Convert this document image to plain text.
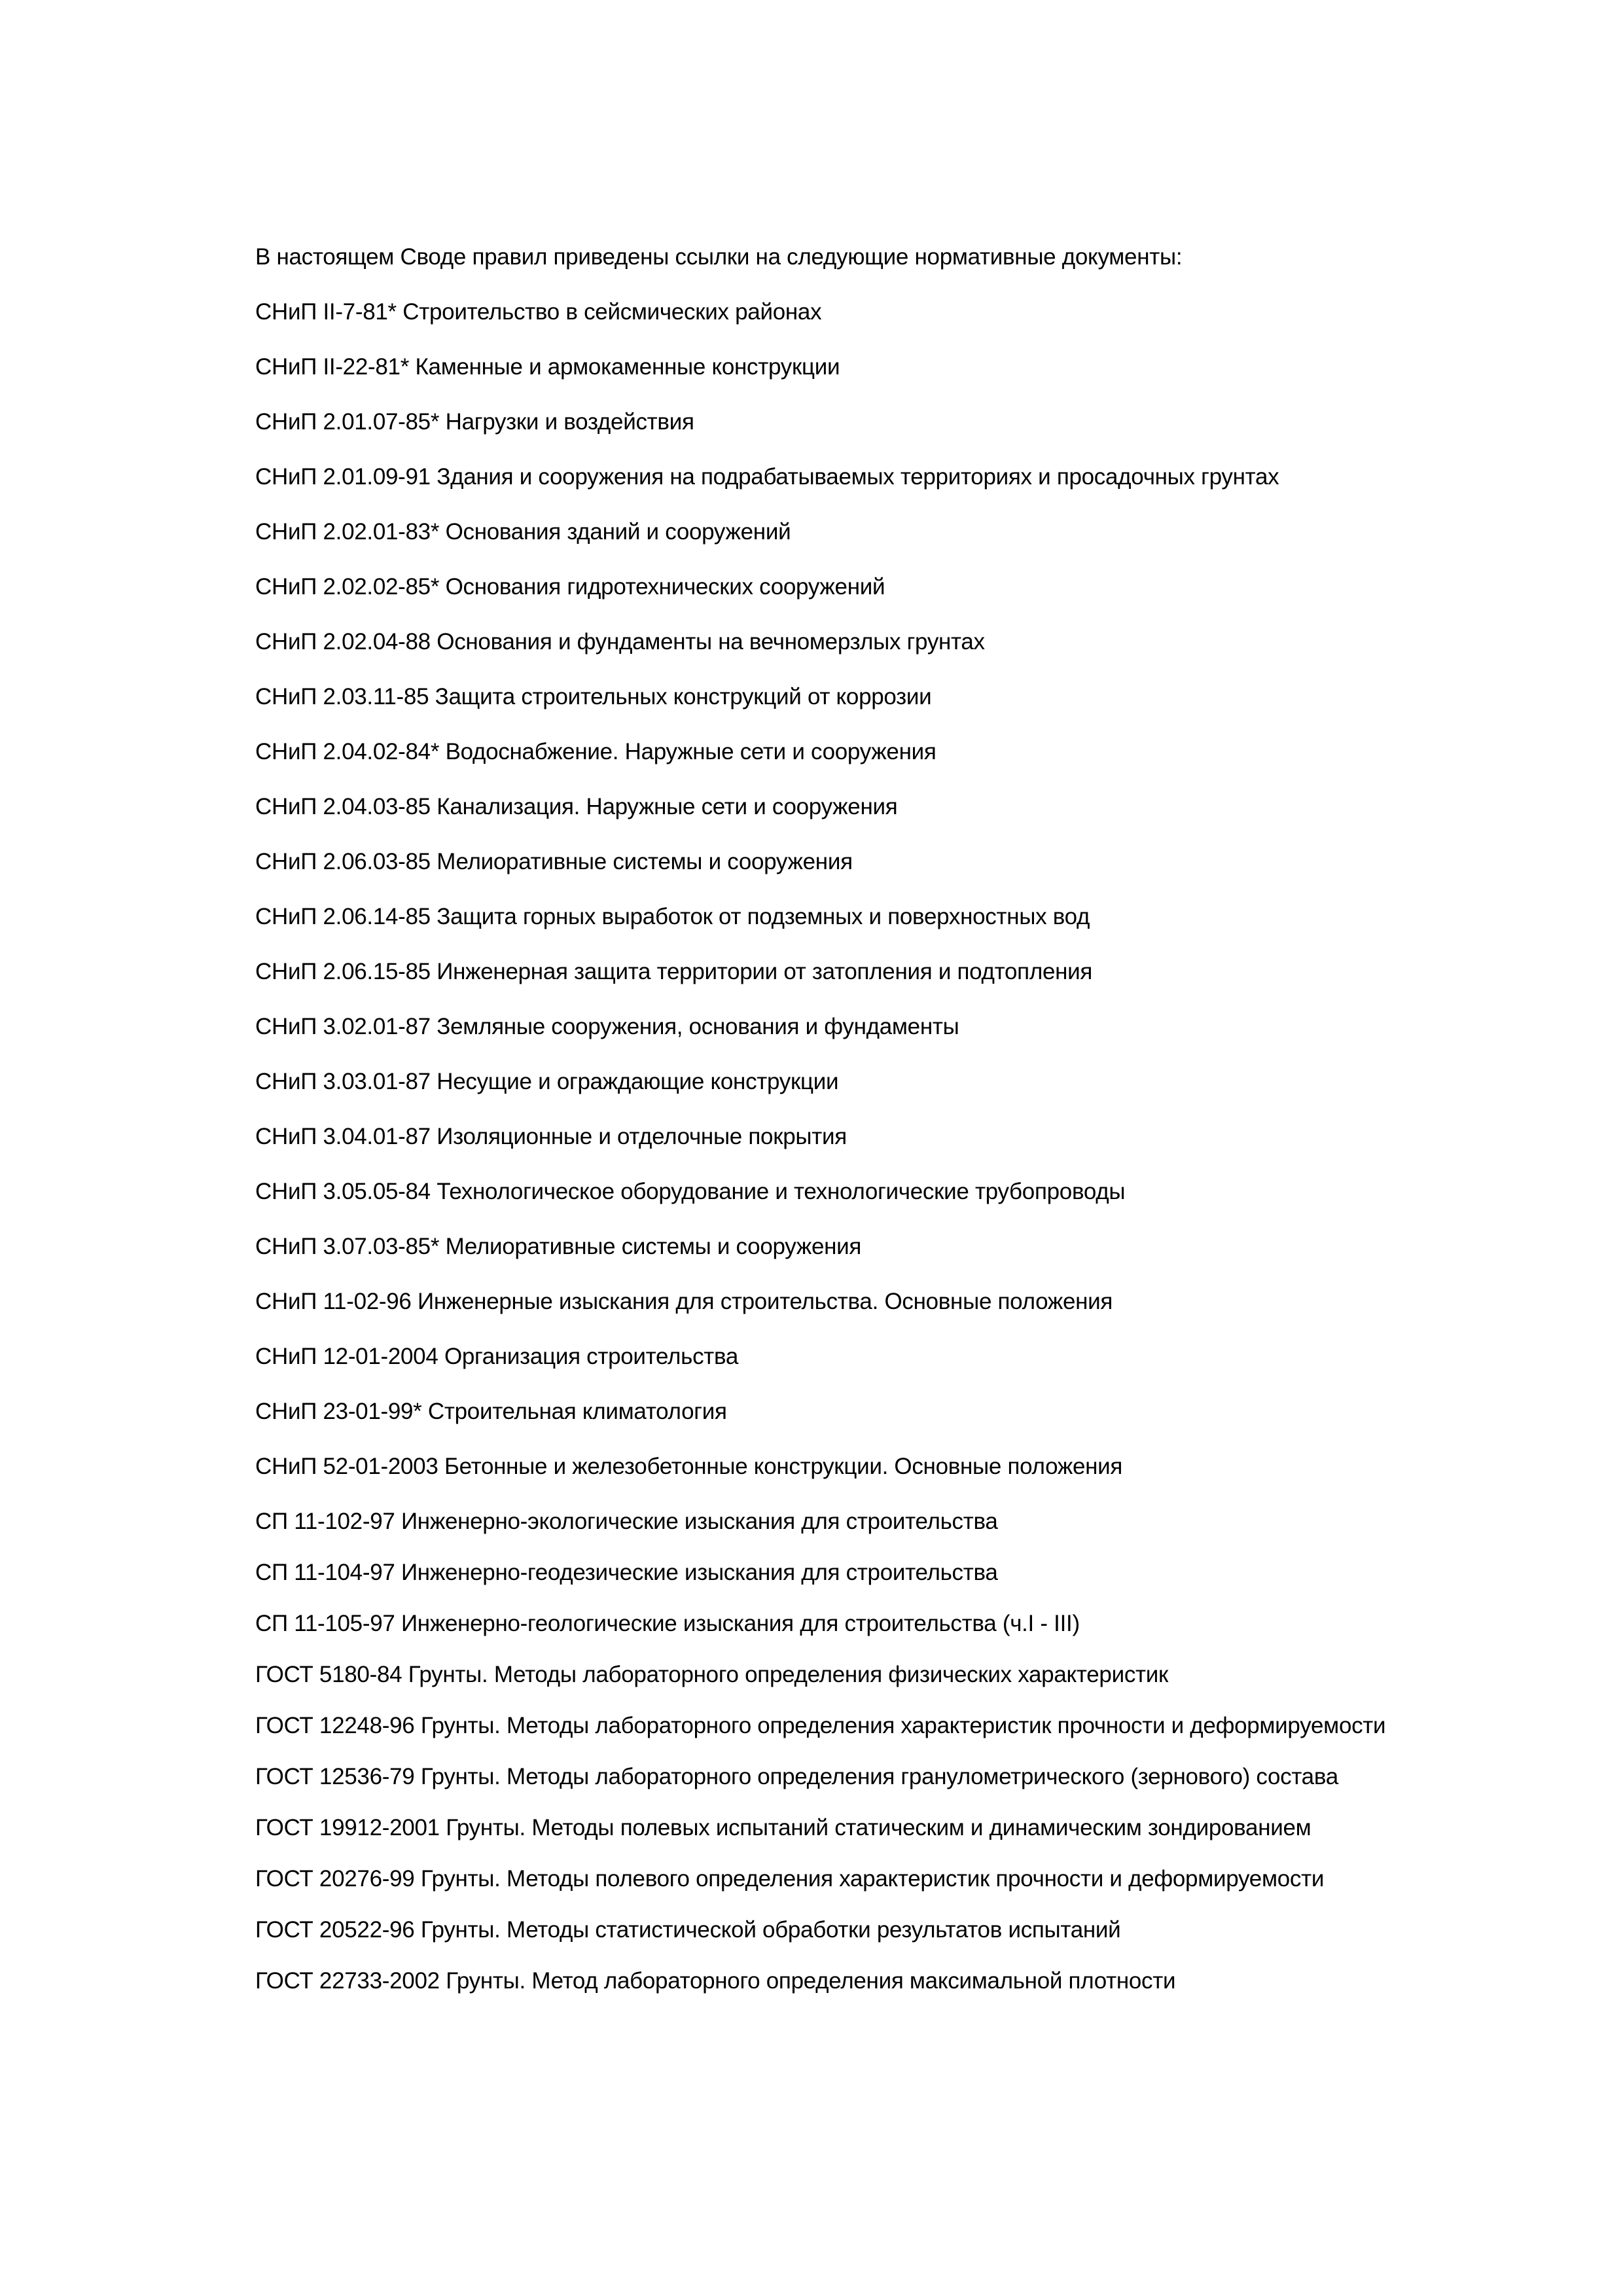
В настоящем Своде правил приведены ссылки на следующие нормативные документы:

СНиП II-7-81* Строительство в сейсмических районах

СНиП II-22-81* Каменные и армокаменные конструкции

СНиП 2.01.07-85* Нагрузки и воздействия

СНиП 2.01.09-91 Здания и сооружения на подрабатываемых территориях и просадочных грунтах

СНиП 2.02.01-83* Основания зданий и сооружений

СНиП 2.02.02-85* Основания гидротехнических сооружений

СНиП 2.02.04-88 Основания и фундаменты на вечномерзлых грунтах

СНиП 2.03.11-85 Защита строительных конструкций от коррозии

СНиП 2.04.02-84* Водоснабжение. Наружные сети и сооружения

СНиП 2.04.03-85 Канализация. Наружные сети и сооружения

СНиП 2.06.03-85 Мелиоративные системы и сооружения

СНиП 2.06.14-85 Защита горных выработок от подземных и поверхностных вод

СНиП 2.06.15-85 Инженерная защита территории от затопления и подтопления

СНиП 3.02.01-87 Земляные сооружения, основания и фундаменты

СНиП 3.03.01-87 Несущие и ограждающие конструкции

СНиП 3.04.01-87 Изоляционные и отделочные покрытия

СНиП 3.05.05-84 Технологическое оборудование и технологические трубопроводы

СНиП 3.07.03-85* Мелиоративные системы и сооружения

СНиП 11-02-96 Инженерные изыскания для строительства. Основные положения

СНиП 12-01-2004 Организация строительства

СНиП 23-01-99* Строительная климатология

СНиП 52-01-2003 Бетонные и железобетонные конструкции. Основные положения

СП 11-102-97 Инженерно-экологические изыскания для строительства

СП 11-104-97 Инженерно-геодезические изыскания для строительства

СП 11-105-97 Инженерно-геологические изыскания для строительства (ч.I - III)

ГОСТ 5180-84 Грунты. Методы лабораторного определения физических характеристик

ГОСТ 12248-96 Грунты. Методы лабораторного определения характеристик прочности и деформируемости

ГОСТ 12536-79 Грунты. Методы лабораторного определения гранулометрического (зернового) состава

ГОСТ 19912-2001 Грунты. Методы полевых испытаний статическим и динамическим зондированием

ГОСТ 20276-99 Грунты. Методы полевого определения характеристик прочности и деформируемости

ГОСТ 20522-96 Грунты. Методы статистической обработки результатов испытаний

ГОСТ 22733-2002 Грунты. Метод лабораторного определения максимальной плотности
